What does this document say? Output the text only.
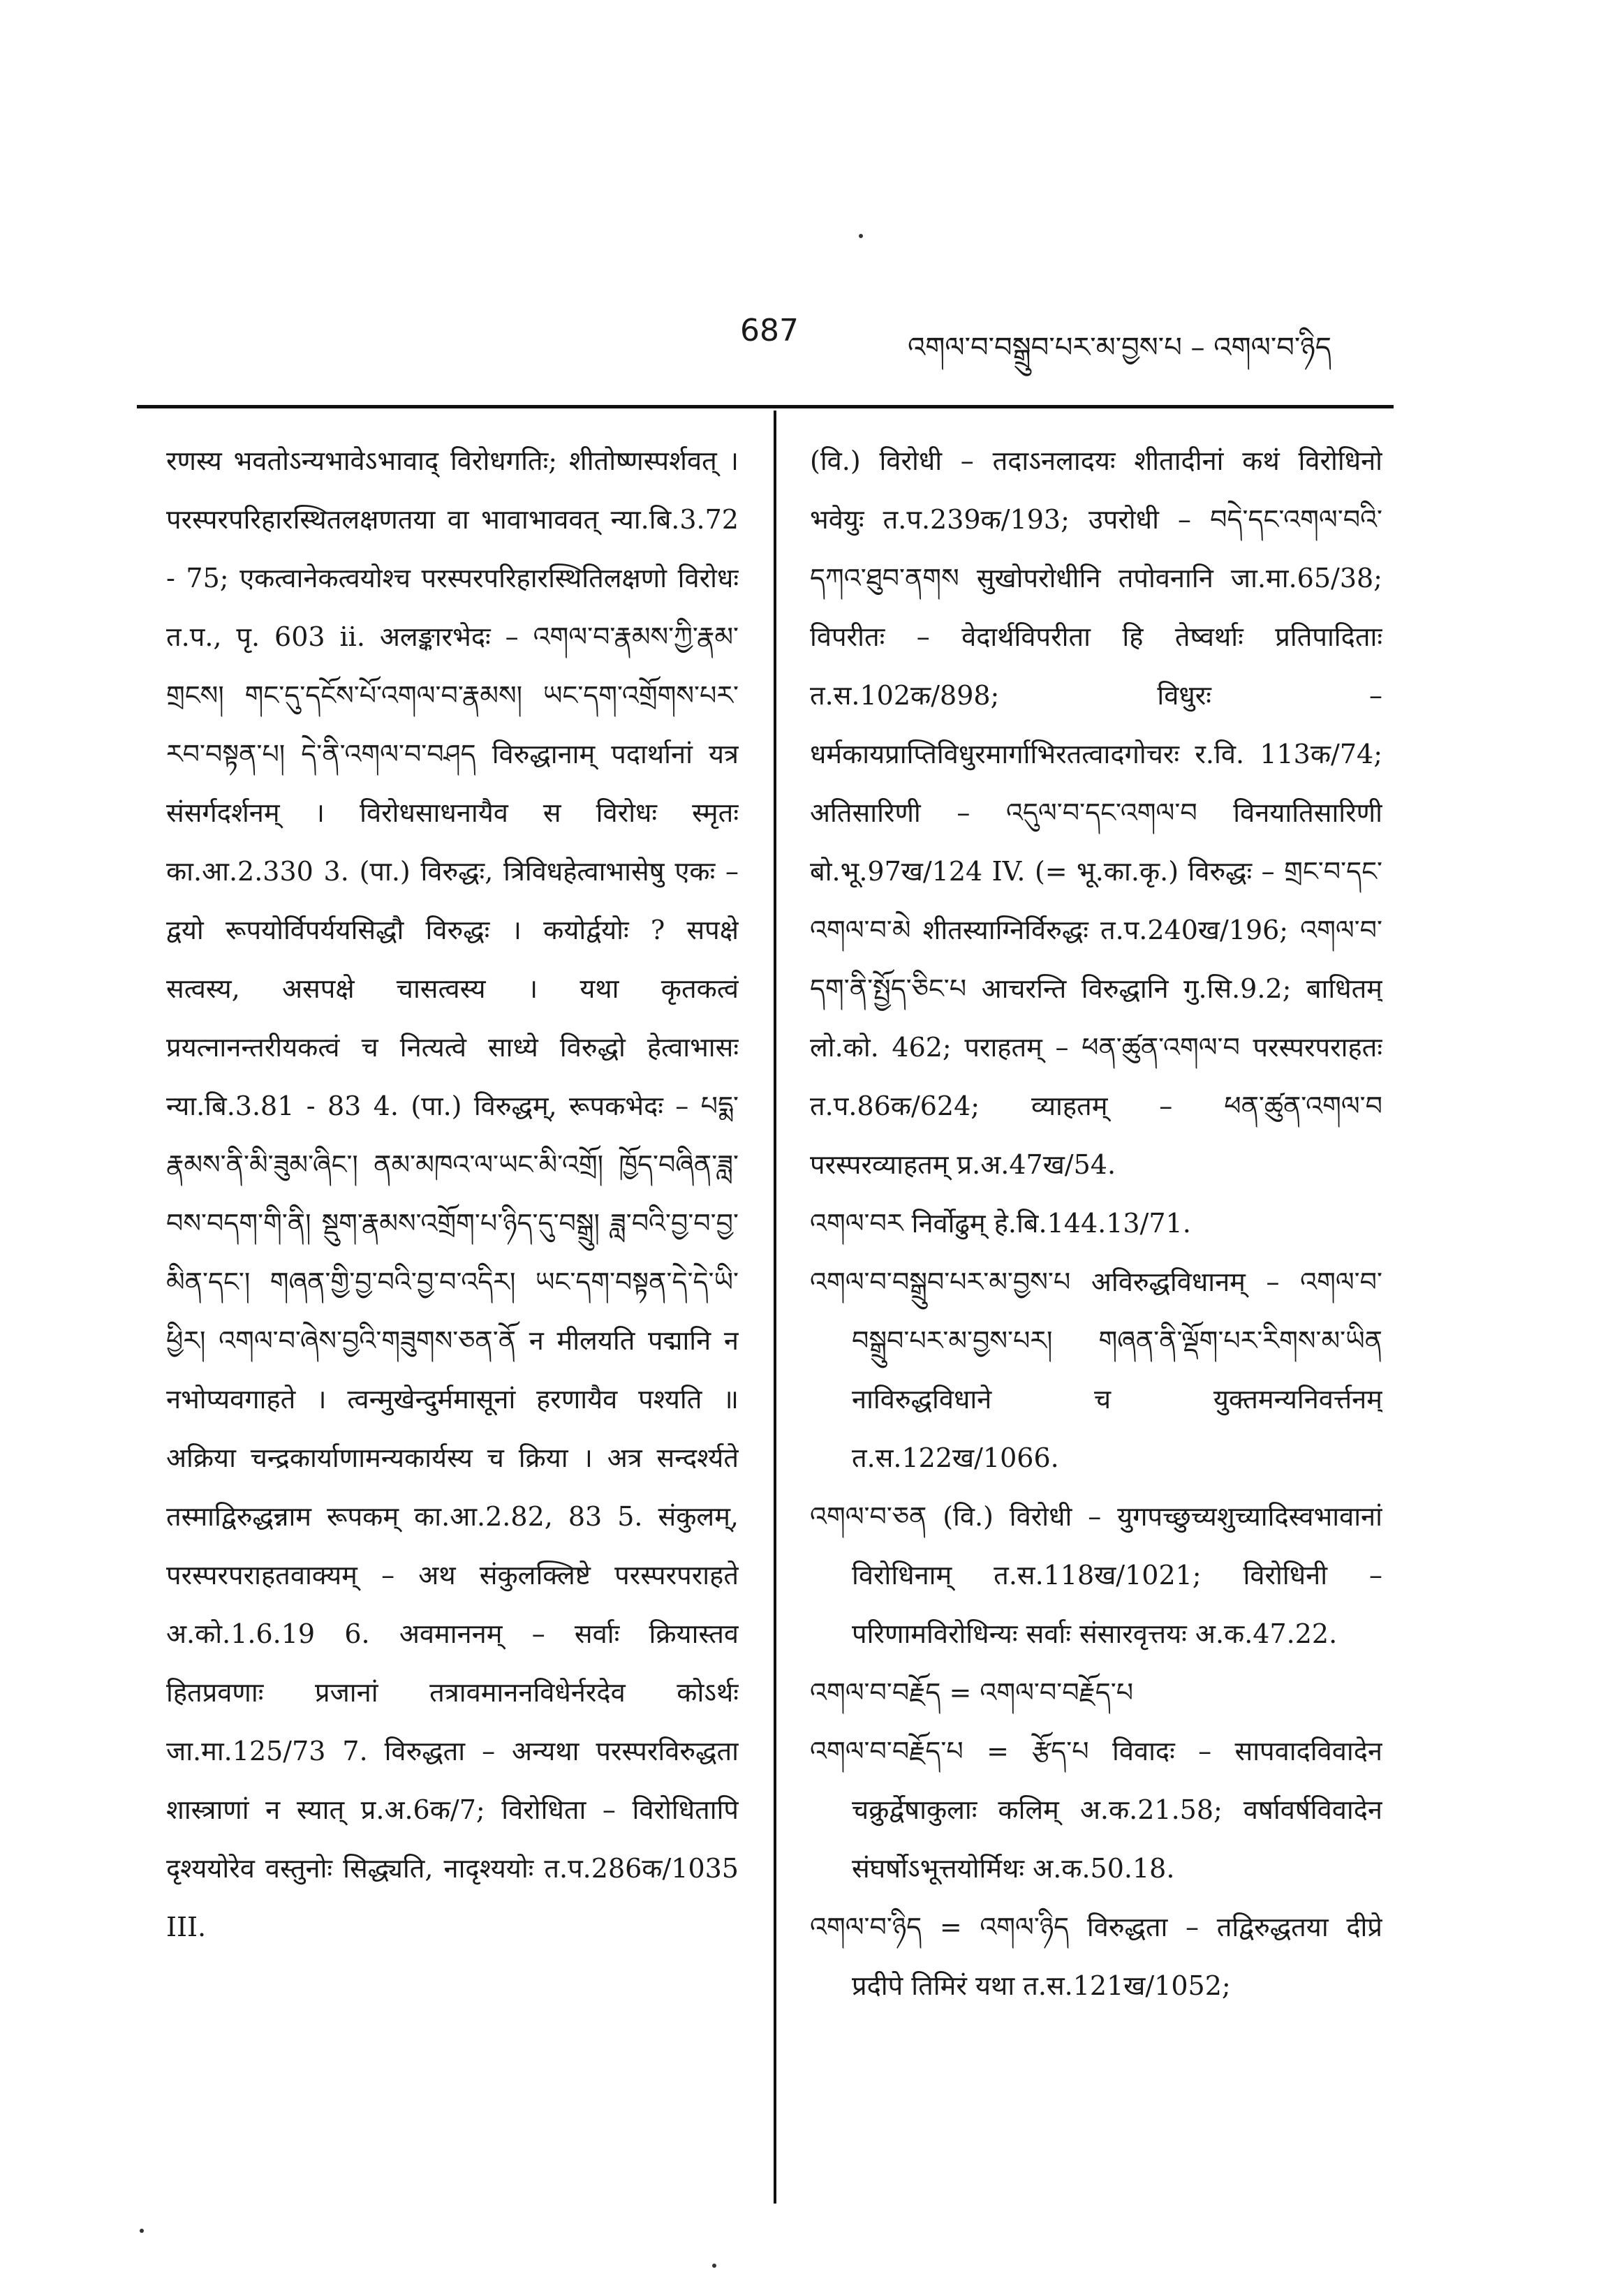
687	འགལ་བ་བསྒྲུབ་པར་མ་བྱས་པ – འགལ་བ་ཉིད

रणस्य भवतोऽन्यभावेऽभावाद् विरोधगतिः; शीतोष्णस्पर्शवत् । परस्परपरिहारस्थितलक्षणतया वा भावाभाववत् न्या.बि.3.72 - 75; एकत्वानेकत्वयोश्च परस्परपरिहारस्थितिलक्षणो विरोधः त.प., पृ. 603 ii. अलङ्कारभेदः – འགལ་བ་རྣམས་ཀྱི་རྣམ་གྲངས། གང་དུ་དངོས་པོ་འགལ་བ་རྣམས། ཡང་དག་འགྲོགས་པར་རབ་བསྟན་པ། དེ་ནི་འགལ་བ་བཤད विरुद्धानाम् पदार्थानां यत्र संसर्गदर्शनम् । विरोधसाधनायैव स विरोधः स्मृतः का.आ.2.330 3. (पा.) विरुद्धः, त्रिविधहेत्वाभासेषु एकः – द्वयो रूपयोर्विपर्ययसिद्धौ विरुद्धः । कयोर्द्वयोः ? सपक्षे सत्वस्य, असपक्षे चासत्वस्य । यथा कृतकत्वं प्रयत्नानन्तरीयकत्वं च नित्यत्वे साध्ये विरुद्धो हेत्वाभासः न्या.बि.3.81 - 83 4. (पा.) विरुद्धम्, रूपकभेदः – པདྨ་རྣམས་ནི་མི་ཟུམ་ཞིང་། ནམ་མཁའ་ལ་ཡང་མི་འགྲོ། ཁྱོད་བཞིན་ཟླ་བས་བདག་གི་ནི། སྡུག་རྣམས་འགྲོག་པ་ཉིད་དུ་བསྒྲུ། ཟླ་བའི་བྱ་བ་བྱ་མིན་དང་། གཞན་གྱི་བྱ་བའི་བྱ་བ་འདིར། ཡང་དག་བསྟན་དེ་དེ་ཡི་ཕྱིར། འགལ་བ་ཞེས་བྱའི་གཟུགས་ཅན་ནོ न मीलयति पद्मानि न नभोप्यवगाहते । त्वन्मुखेन्दुर्ममासूनां हरणायैव पश्यति ॥ अक्रिया चन्द्रकार्याणामन्यकार्यस्य च क्रिया । अत्र सन्दर्श्यते तस्माद्विरुद्धन्नाम रूपकम् का.आ.2.82, 83 5. संकुलम्, परस्परपराहतवाक्यम् – अथ संकुलक्लिष्टे परस्परपराहते अ.को.1.6.19 6. अवमाननम् – सर्वाः क्रियास्तव हितप्रवणाः प्रजानां तत्रावमाननविधेर्नरदेव कोऽर्थः जा.मा.125/73 7. विरुद्धता – अन्यथा परस्परविरुद्धता शास्त्राणां न स्यात् प्र.अ.6क/7; विरोधिता – विरोधितापि दृश्ययोरेव वस्तुनोः सिद्ध्यति, नादृश्ययोः त.प.286क/1035 III.

(वि.) विरोधी – तदाऽनलादयः शीतादीनां कथं विरोधिनो भवेयुः त.प.239क/193; उपरोधी – བདེ་དང་འགལ་བའི་དཀའ་ཐུབ་ནགས सुखोपरोधीनि तपोवनानि जा.मा.65/38; विपरीतः – वेदार्थविपरीता हि तेष्वर्थाः प्रतिपादिताः त.स.102क/898; विधुरः – धर्मकायप्राप्तिविधुरमार्गाभिरतत्वादगोचरः र.वि. 113क/74; अतिसारिणी – འདུལ་བ་དང་འགལ་བ विनयातिसारिणी बो.भू.97ख/124 IV. (= भू.का.कृ.) विरुद्धः – གྲང་བ་དང་འགལ་བ་མེ शीतस्याग्निर्विरुद्धः त.प.240ख/196; འགལ་བ་དག་ནི་སྤྱོད་ཅིང་པ आचरन्ति विरुद्धानि गु.सि.9.2; बाधितम् लो.को. 462; पराहतम् – ཕན་ཚུན་འགལ་བ परस्परपराहतः त.प.86क/624; व्याहतम् – ཕན་ཚུན་འགལ་བ परस्परव्याहतम् प्र.अ.47ख/54.

འགལ་བར निर्वोढुम् हे.बि.144.13/71.

འགལ་བ་བསྒྲུབ་པར་མ་བྱས་པ अविरुद्धविधानम् – འགལ་བ་བསྒྲུབ་པར་མ་བྱས་པར། གཞན་ནི་ལྡོག་པར་རིགས་མ་ཡིན नाविरुद्धविधाने च युक्तमन्यनिवर्त्तनम् त.स.122ख/1066.

འགལ་བ་ཅན (वि.) विरोधी – युगपच्छुच्यशुच्यादिस्वभावानां विरोधिनाम् त.स.118ख/1021; विरोधिनी – परिणामविरोधिन्यः सर्वाः संसारवृत्तयः अ.क.47.22.

འགལ་བ་བརྗོད = འགལ་བ་བརྗོད་པ

འགལ་བ་བརྗོད་པ = རྩོད་པ विवादः – सापवादविवादेन चक्रुर्द्वेषाकुलाः कलिम् अ.क.21.58; वर्षावर्षविवादेन संघर्षोऽभूत्तयोर्मिथः अ.क.50.18.

འགལ་བ་ཉིད = འགལ་ཉིད विरुद्धता – तद्विरुद्धतया दीप्रे प्रदीपे तिमिरं यथा त.स.121ख/1052;
